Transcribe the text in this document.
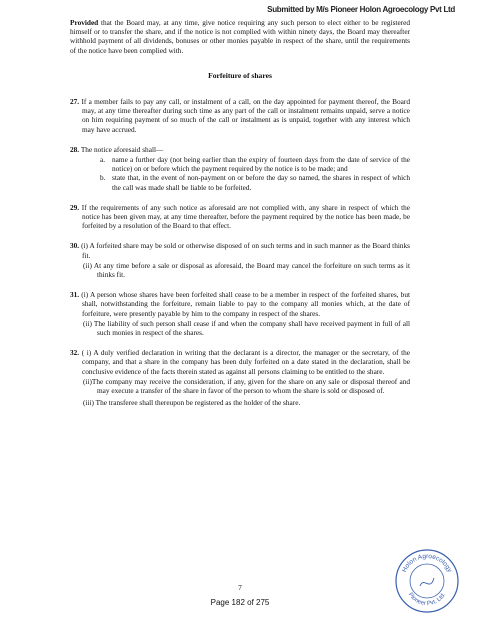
Submitted by M/s Pioneer Holon Agroecology Pvt Ltd

Provided that the Board may, at any time, give notice requiring any such person to elect either to be registered himself or to transfer the share, and if the notice is not complied with within ninety days, the Board may thereafter withhold payment of all dividends, bonuses or other monies payable in respect of the share, until the requirements of the notice have been complied with.

Forfeiture of shares
27. If a member fails to pay any call, or instalment of a call, on the day appointed for payment thereof, the Board may, at any time thereafter during such time as any part of the call or instalment remains unpaid, serve a notice on him requiring payment of so much of the call or instalment as is unpaid, together with any interest which may have accrued.

28. The notice aforesaid shall—

a. name a further day (not being earlier than the expiry of fourteen days from the date of service of the notice) on or before which the payment required by the notice is to be made; and
b. state that, in the event of non-payment on or before the day so named, the shares in respect of which the call was made shall be liable to be forfeited.
29. If the requirements of any such notice as aforesaid are not complied with, any share in respect of which the notice has been given may, at any time thereafter, before the payment required by the notice has been made, be forfeited by a resolution of the Board to that effect.

30. (i) A forfeited share may be sold or otherwise disposed of on such terms and in such manner as the Board thinks fit.

(ii) At any time before a sale or disposal as aforesaid, the Board may cancel the forfeiture on such terms as it thinks fit.

31. (i) A person whose shares have been forfeited shall cease to be a member in respect of the forfeited shares, but shall, notwithstanding the forfeiture, remain liable to pay to the company all monies which, at the date of forfeiture, were presently payable by him to the company in respect of the shares.

(ii) The liability of such person shall cease if and when the company shall have received payment in full of all such monies in respect of the shares.

32. ( i) A duly verified declaration in writing that the declarant is a director, the manager or the secretary, of the company, and that a share in the company has been duly forfeited on a date stated in the declaration, shall be conclusive evidence of the facts therein stated as against all persons claiming to be entitled to the share.

(ii)The company may receive the consideration, if any, given for the share on any sale or disposal thereof and may execute a transfer of the share in favor of the person to whom the share is sold or disposed of.

(iii) The transferee shall thereupon be registered as the holder of the share.

7
Page 182 of 275
Holon Agroecology
Pioneer Pvt. Ltd.
